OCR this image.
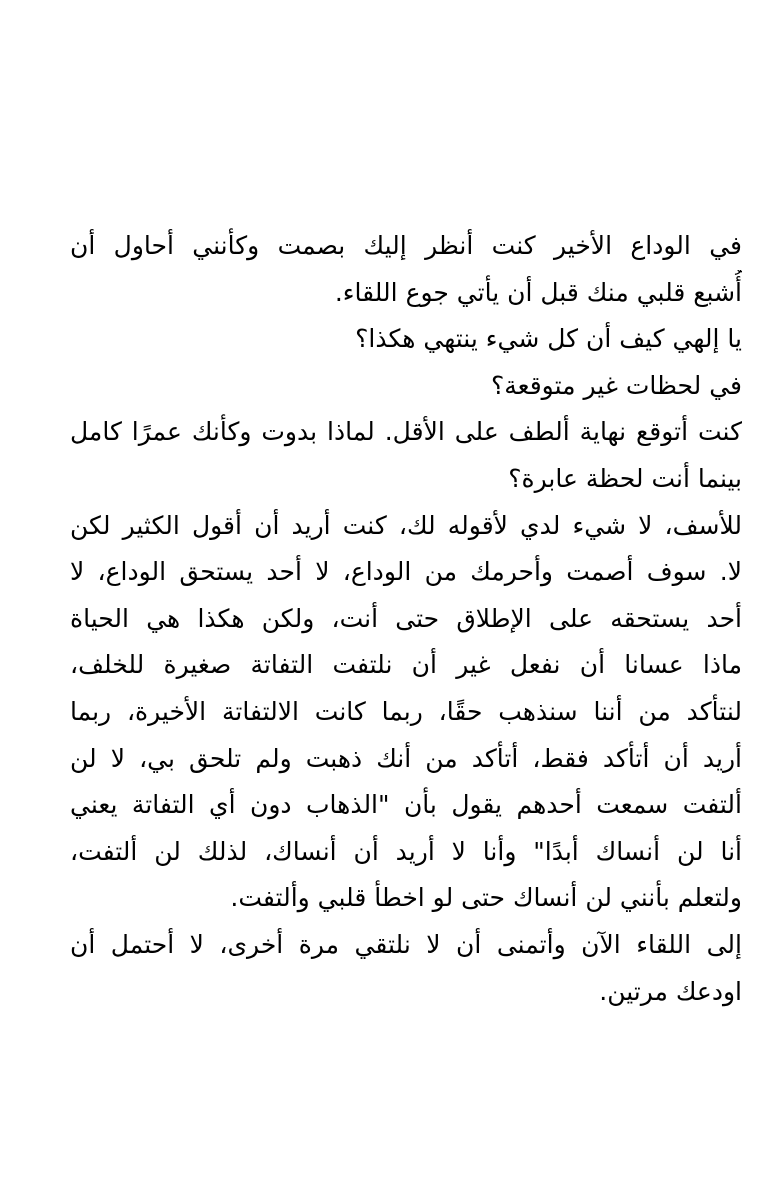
في الوداع الأخير كنت أنظر إليك بصمت وكأنني أحاول أن
أُشبع قلبي منك قبل أن يأتي جوع اللقاء.
يا إلهي كيف أن كل شيء ينتهي هكذا؟
في لحظات غير متوقعة؟
كنت أتوقع نهاية ألطف على الأقل. لماذا بدوت وكأنك عمرًا كامل
بينما أنت لحظة عابرة؟
للأسف، لا شيء لدي لأقوله لك، كنت أريد أن أقول الكثير لكن
لا. سوف أصمت وأحرمك من الوداع، لا أحد يستحق الوداع، لا
أحد يستحقه على الإطلاق حتى أنت، ولكن هكذا هي الحياة
ماذا عسانا أن نفعل غير أن نلتفت التفاتة صغيرة للخلف،
لنتأكد من أننا سنذهب حقًا، ربما كانت الالتفاتة الأخيرة، ربما
أريد أن أتأكد فقط، أتأكد من أنك ذهبت ولم تلحق بي، لا لن
ألتفت سمعت أحدهم يقول بأن "الذهاب دون أي التفاتة يعني
أنا لن أنساك أبدًا" وأنا لا أريد أن أنساك، لذلك لن ألتفت،
ولتعلم بأنني لن أنساك حتى لو اخطأ قلبي وألتفت.
إلى اللقاء الآن وأتمنى أن لا نلتقي مرة أخرى، لا أحتمل أن
اودعك مرتين.
